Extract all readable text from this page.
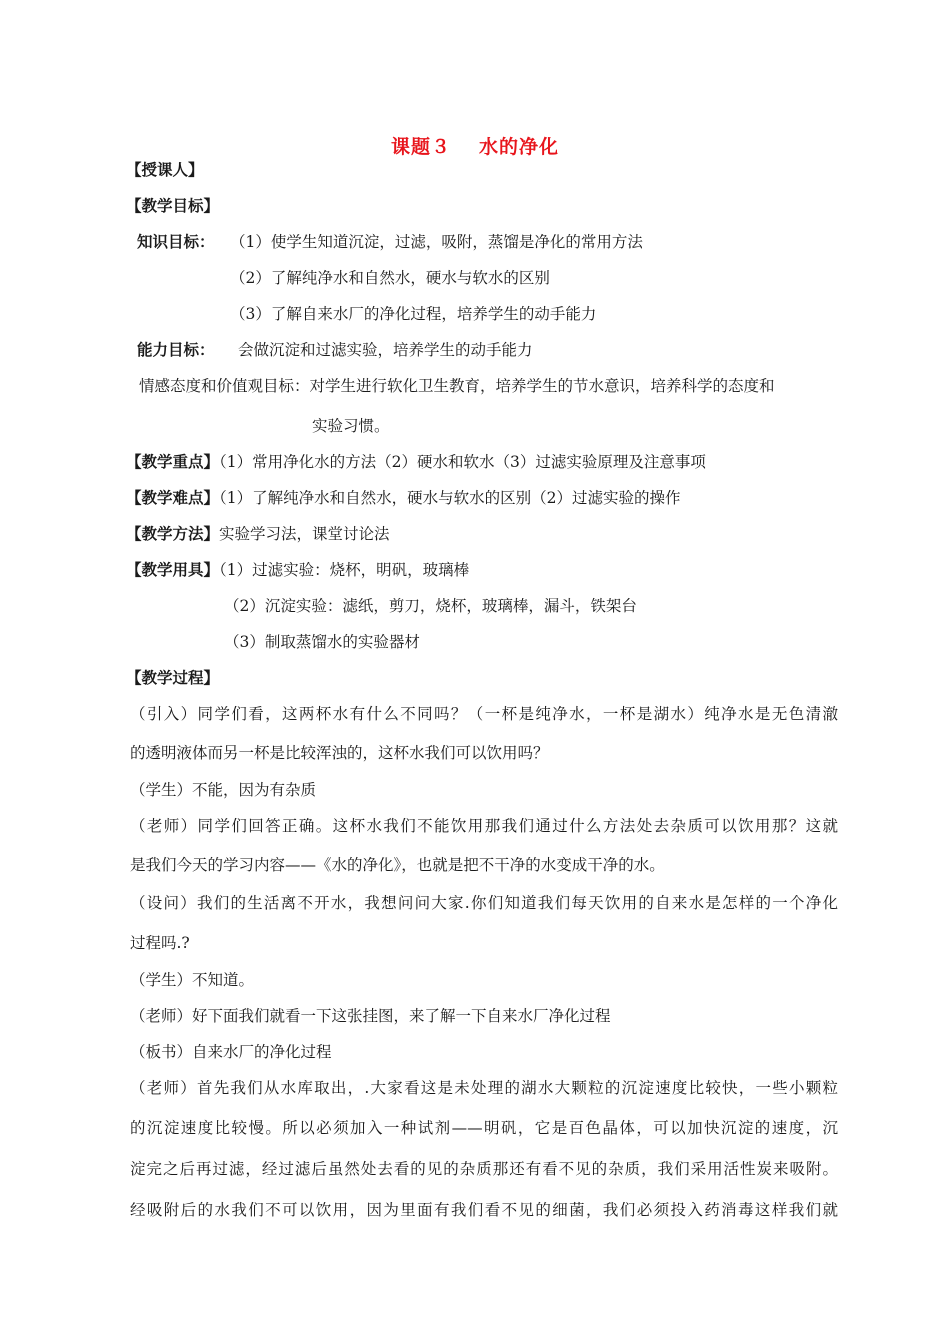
课题３ 水的净化
【授课人】
【教学目标】
知识目标： （1）使学生知道沉淀，过滤，吸附，蒸馏是净化的常用方法
（2）了解纯净水和自然水，硬水与软水的区别
（3）了解自来水厂的净化过程，培养学生的动手能力
能力目标： 会做沉淀和过滤实验，培养学生的动手能力
情感态度和价值观目标：对学生进行软化卫生教育，培养学生的节水意识，培养科学的态度和
实验习惯。
【教学重点】（1）常用净化水的方法（2）硬水和软水（3）过滤实验原理及注意事项
【教学难点】（1）了解纯净水和自然水，硬水与软水的区别（2）过滤实验的操作
【教学方法】实验学习法，课堂讨论法
【教学用具】（1）过滤实验：烧杯，明矾，玻璃棒
（2）沉淀实验：滤纸，剪刀，烧杯，玻璃棒，漏斗，铁架台
（3）制取蒸馏水的实验器材
【教学过程】
（引入）同学们看，这两杯水有什么不同吗？（一杯是纯净水，一杯是湖水）纯净水是无色清澈
的透明液体而另一杯是比较浑浊的，这杯水我们可以饮用吗？
（学生）不能，因为有杂质
（老师）同学们回答正确。这杯水我们不能饮用那我们通过什么方法处去杂质可以饮用那？这就
是我们今天的学习内容——《水的净化》，也就是把不干净的水变成干净的水。
（设问）我们的生活离不开水，我想问问大家.你们知道我们每天饮用的自来水是怎样的一个净化
过程吗.?
（学生）不知道。
（老师）好下面我们就看一下这张挂图，来了解一下自来水厂净化过程
（板书）自来水厂的净化过程
（老师）首先我们从水库取出，.大家看这是未处理的湖水大颗粒的沉淀速度比较快，一些小颗粒
的沉淀速度比较慢。所以必须加入一种试剂——明矾，它是百色晶体，可以加快沉淀的速度，沉
淀完之后再过滤，经过滤后虽然处去看的见的杂质那还有看不见的杂质，我们采用活性炭来吸附。
经吸附后的水我们不可以饮用，因为里面有我们看不见的细菌，我们必须投入药消毒这样我们就
